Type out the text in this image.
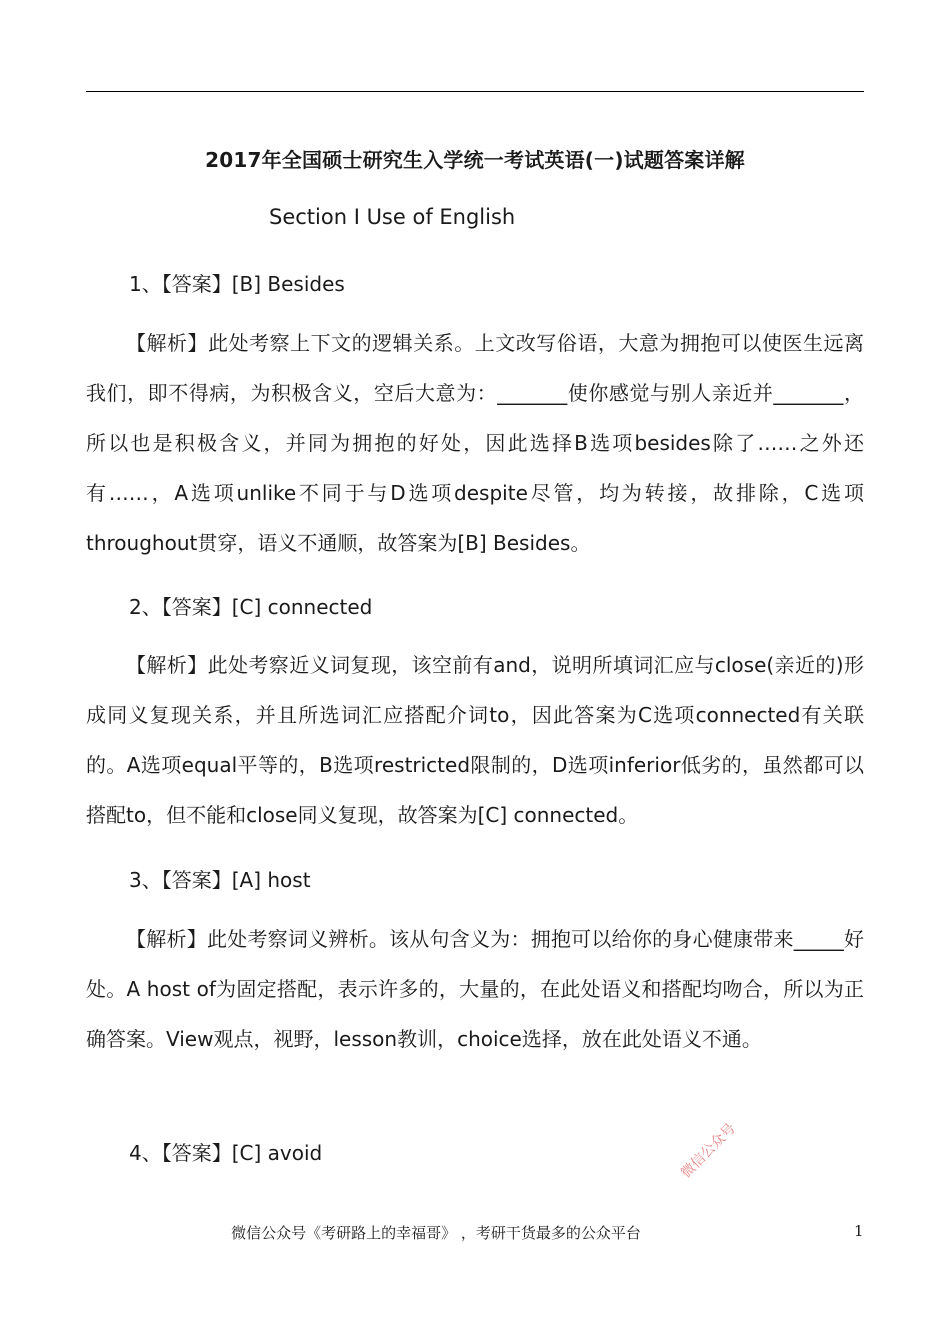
2017年全国硕士研究生入学统一考试英语(一)试题答案详解
Section I Use of English
1、【答案】[B] Besides

【解析】此处考察上下文的逻辑关系。上文改写俗语，大意为拥抱可以使医生远离我们，即不得病，为积极含义，空后大意为：_______使你感觉与别人亲近并_______，所以也是积极含义，并同为拥抱的好处，因此选择B选项besides除了……之外还有……，A选项unlike不同于与D选项despite尽管，均为转接，故排除，C选项throughout贯穿，语义不通顺，故答案为[B] Besides。

2、【答案】[C] connected

【解析】此处考察近义词复现，该空前有and，说明所填词汇应与close(亲近的)形成同义复现关系，并且所选词汇应搭配介词to，因此答案为C选项connected有关联的。A选项equal平等的，B选项restricted限制的，D选项inferior低劣的，虽然都可以搭配to，但不能和close同义复现，故答案为[C] connected。

3、【答案】[A] host

【解析】此处考察词义辨析。该从句含义为：拥抱可以给你的身心健康带来_____好处。A host of为固定搭配，表示许多的，大量的，在此处语义和搭配均吻合，所以为正确答案。View观点，视野，lesson教训，choice选择，放在此处语义不通。

4、【答案】[C] avoid	微信公众号
微信公众号《考研路上的幸福哥》 ，考研干货最多的公众平台	1
